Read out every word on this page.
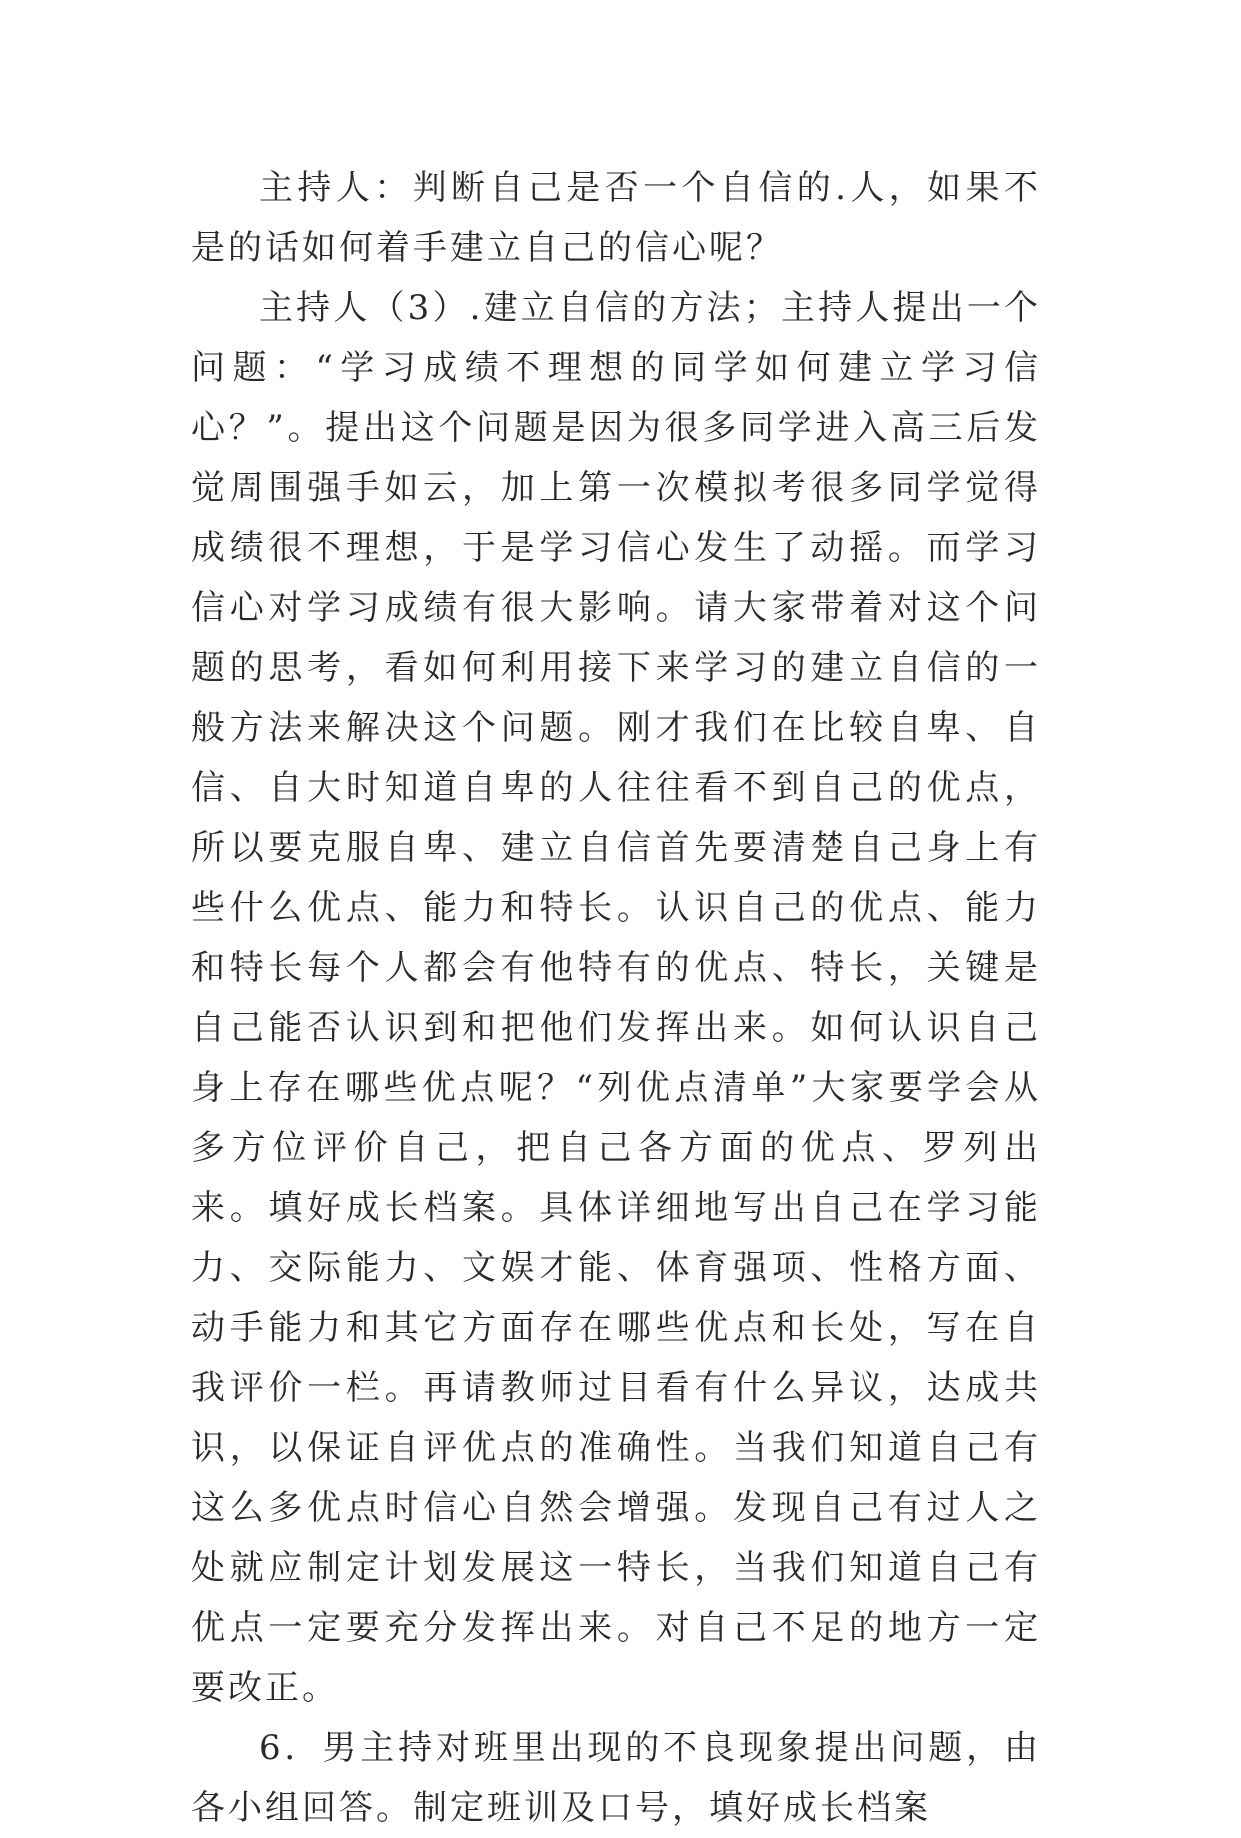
主持人：判断自己是否一个自信的.人，如果不是的话如何着手建立自己的信心呢？

主持人（3）.建立自信的方法；主持人提出一个问题：“学习成绩不理想的同学如何建立学习信心？”。提出这个问题是因为很多同学进入高三后发觉周围强手如云，加上第一次模拟考很多同学觉得成绩很不理想，于是学习信心发生了动摇。而学习信心对学习成绩有很大影响。请大家带着对这个问题的思考，看如何利用接下来学习的建立自信的一般方法来解决这个问题。刚才我们在比较自卑、自信、自大时知道自卑的人往往看不到自己的优点，所以要克服自卑、建立自信首先要清楚自己身上有些什么优点、能力和特长。认识自己的优点、能力和特长每个人都会有他特有的优点、特长，关键是自己能否认识到和把他们发挥出来。如何认识自己身上存在哪些优点呢？“列优点清单”大家要学会从多方位评价自己，把自己各方面的优点、罗列出来。填好成长档案。具体详细地写出自己在学习能力、交际能力、文娱才能、体育强项、性格方面、动手能力和其它方面存在哪些优点和长处，写在自我评价一栏。再请教师过目看有什么异议，达成共识，以保证自评优点的准确性。当我们知道自己有这么多优点时信心自然会增强。发现自己有过人之处就应制定计划发展这一特长，当我们知道自己有优点一定要充分发挥出来。对自己不足的地方一定要改正。

6．男主持对班里出现的不良现象提出问题，由各小组回答。制定班训及口号，填好成长档案
